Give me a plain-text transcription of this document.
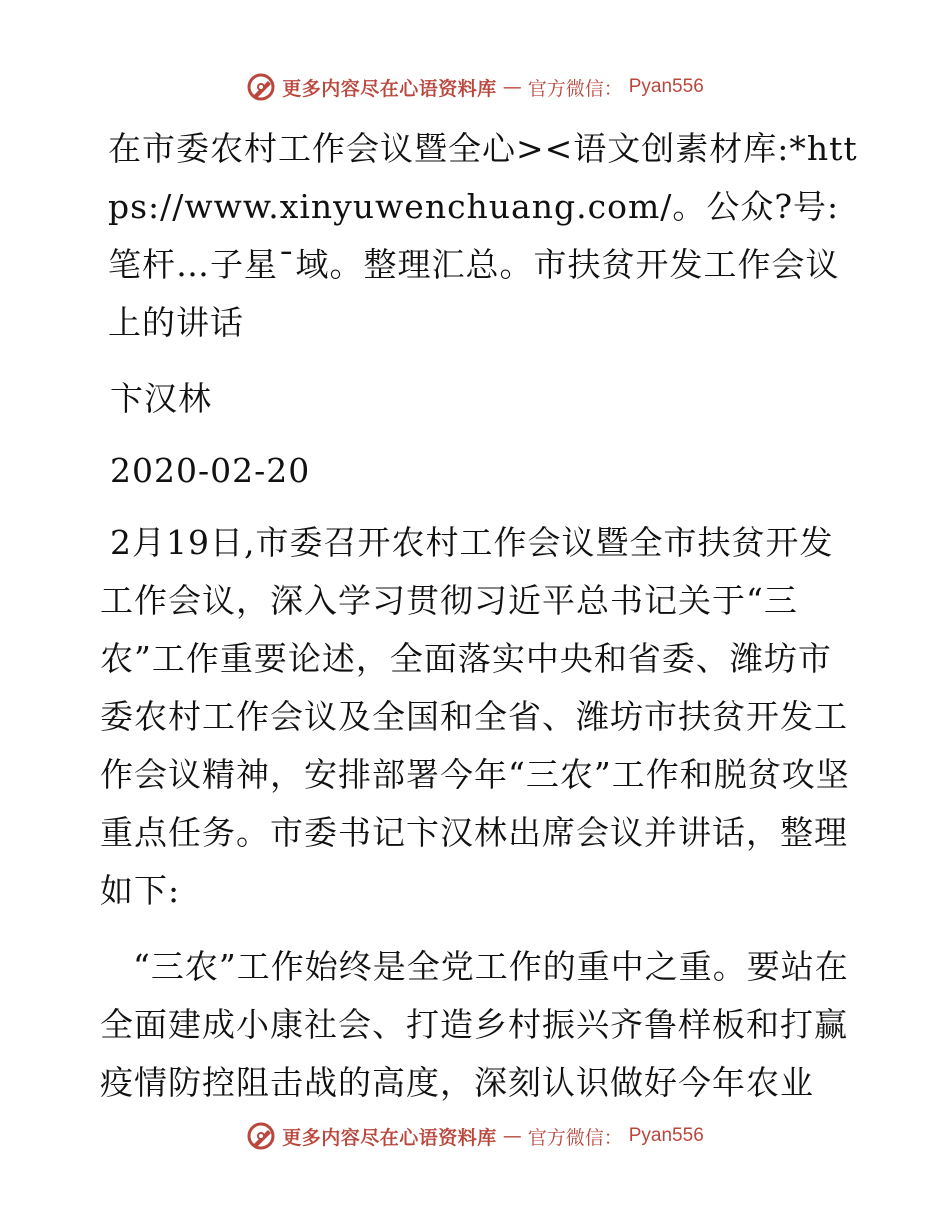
更多内容尽在心语资料库 — 官方微信： Pyan556

在市委农村工作会议暨全心><语文创素材库:*https://www.xinyuwenchuang.com/。公众?号:笔杆…子星¯域。整理汇总。市扶贫开发工作会议上的讲话

卞汉林

2020-02-20

2月19日,市委召开农村工作会议暨全市扶贫开发工作会议，深入学习贯彻习近平总书记关于“三农”工作重要论述，全面落实中央和省委、潍坊市委农村工作会议及全国和全省、潍坊市扶贫开发工作会议精神，安排部署今年“三农”工作和脱贫攻坚重点任务。市委书记卞汉林出席会议并讲话，整理如下:

“三农”工作始终是全党工作的重中之重。要站在全面建成小康社会、打造乡村振兴齐鲁样板和打赢疫情防控阻击战的高度，深刻认识做好今年农业

更多内容尽在心语资料库 — 官方微信： Pyan556
